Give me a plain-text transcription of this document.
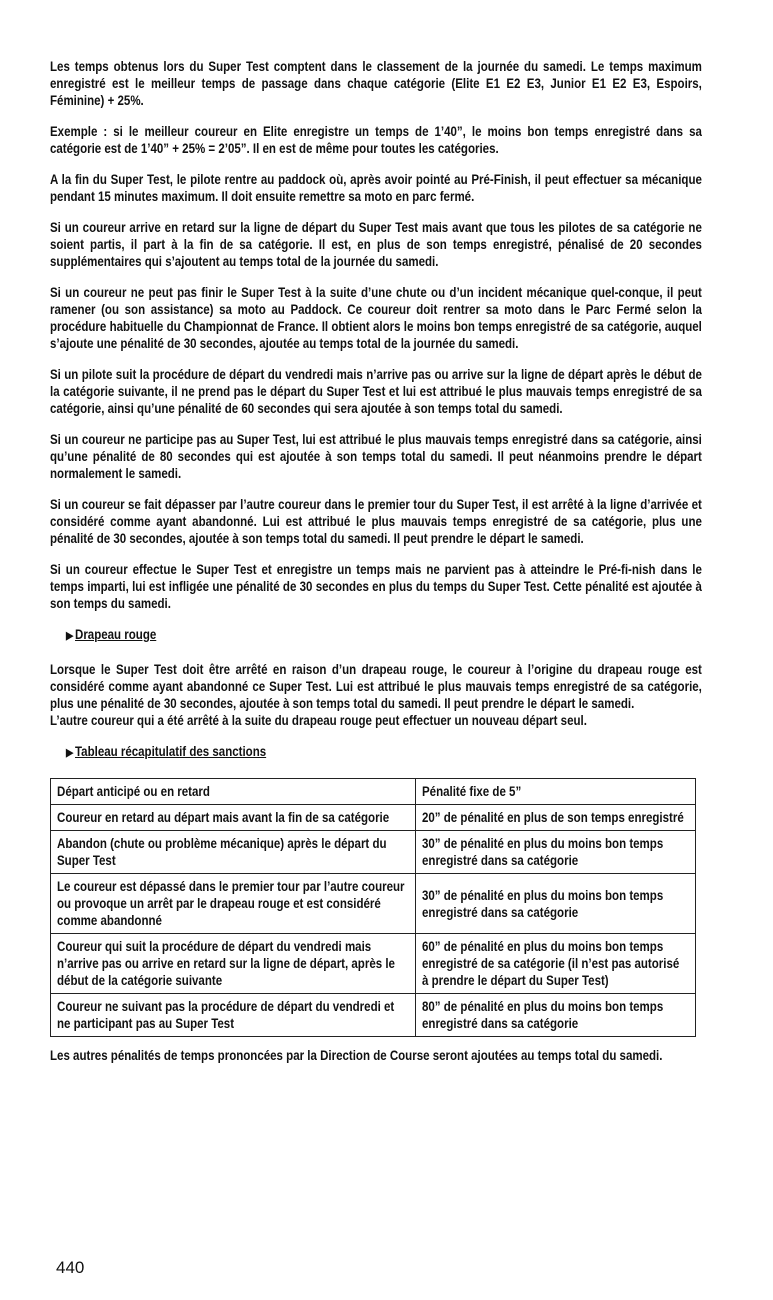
Les temps obtenus lors du Super Test comptent dans le classement de la journée du samedi. Le temps maximum enregistré est le meilleur temps de passage dans chaque catégorie (Elite E1 E2 E3, Junior E1 E2 E3, Espoirs, Féminine) + 25%.

Exemple : si le meilleur coureur en Elite enregistre un temps de 1’40”, le moins bon temps enregistré dans sa catégorie est de 1’40” + 25% = 2’05”. Il en est de même pour toutes les catégories.

A la fin du Super Test, le pilote rentre au paddock où, après avoir pointé au Pré-Finish, il peut effectuer sa mécanique pendant 15 minutes maximum. Il doit ensuite remettre sa moto en parc fermé.

Si un coureur arrive en retard sur la ligne de départ du Super Test mais avant que tous les pilotes de sa catégorie ne soient partis, il part à la fin de sa catégorie. Il est, en plus de son temps enregistré, pénalisé de 20 secondes supplémentaires qui s’ajoutent au temps total de la journée du samedi.

Si un coureur ne peut pas finir le Super Test à la suite d’une chute ou d’un incident mécanique quel-conque, il peut ramener (ou son assistance) sa moto au Paddock. Ce coureur doit rentrer sa moto dans le Parc Fermé selon la procédure habituelle du Championnat de France. Il obtient alors le moins bon temps enregistré de sa catégorie, auquel s’ajoute une pénalité de 30 secondes, ajoutée au temps total de la journée du samedi.

Si un pilote suit la procédure de départ du vendredi mais n’arrive pas ou arrive sur la ligne de départ après le début de la catégorie suivante, il ne prend pas le départ du Super Test et lui est attribué le plus mauvais temps enregistré de sa catégorie, ainsi qu’une pénalité de 60 secondes qui sera ajoutée à son temps total du samedi.

Si un coureur ne participe pas au Super Test, lui est attribué le plus mauvais temps enregistré dans sa catégorie, ainsi qu’une pénalité de 80 secondes qui est ajoutée à son temps total du samedi. Il peut néanmoins prendre le départ normalement le samedi.

Si un coureur se fait dépasser par l’autre coureur dans le premier tour du Super Test, il est arrêté à la ligne d’arrivée et considéré comme ayant abandonné. Lui est attribué le plus mauvais temps enregistré de sa catégorie, plus une pénalité de 30 secondes, ajoutée à son temps total du samedi. Il peut prendre le départ le samedi.

Si un coureur effectue le Super Test et enregistre un temps mais ne parvient pas à atteindre le Pré-fi-nish dans le temps imparti, lui est infligée une pénalité de 30 secondes en plus du temps du Super Test. Cette pénalité est ajoutée à son temps du samedi.

▶ Drapeau rouge

Lorsque le Super Test doit être arrêté en raison d’un drapeau rouge, le coureur à l’origine du drapeau rouge est considéré comme ayant abandonné ce Super Test. Lui est attribué le plus mauvais temps enregistré de sa catégorie, plus une pénalité de 30 secondes, ajoutée à son temps total du samedi. Il peut prendre le départ le samedi.

L’autre coureur qui a été arrêté à la suite du drapeau rouge peut effectuer un nouveau départ seul.

▶ Tableau récapitulatif des sanctions
Départ anticipé ou en retard	Pénalité fixe de 5”

Coureur en retard au départ mais avant la fin de sa catégorie	20” de pénalité en plus de son temps enregistré

Abandon (chute ou problème mécanique) après le départ du Super Test	30” de pénalité en plus du moins bon temps enregistré dans sa catégorie

Le coureur est dépassé dans le premier tour par l’autre coureur ou provoque un arrêt par le drapeau rouge et est considéré comme abandonné	30” de pénalité en plus du moins bon temps enregistré dans sa catégorie

Coureur qui suit la procédure de départ du vendredi mais n’arrive pas ou arrive en retard sur la ligne de départ, après le début de la catégorie suivante	60” de pénalité en plus du moins bon temps enregistré de sa catégorie (il n’est pas autorisé à prendre le départ du Super Test)

Coureur ne suivant pas la procédure de départ du vendredi et ne participant pas au Super Test	80” de pénalité en plus du moins bon temps enregistré dans sa catégorie

Les autres pénalités de temps prononcées par la Direction de Course seront ajoutées au temps total du samedi.

440
